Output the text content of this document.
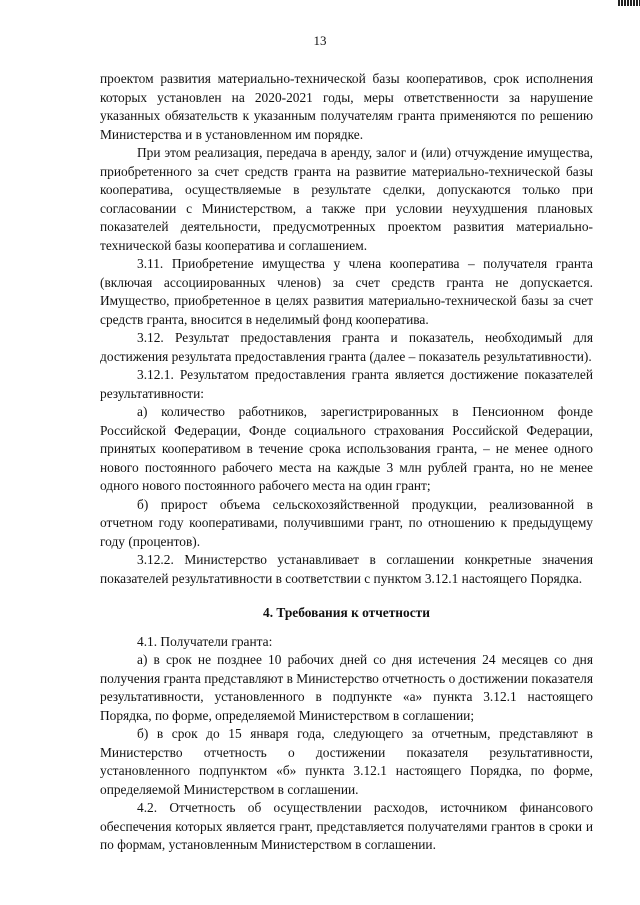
13

проектом развития материально-технической базы кооперативов, срок исполнения которых установлен на 2020-2021 годы, меры ответственности за нарушение указанных обязательств к указанным получателям гранта применяются по решению Министерства и в установленном им порядке.

При этом реализация, передача в аренду, залог и (или) отчуждение имущества, приобретенного за счет средств гранта на развитие материально-технической базы кооператива, осуществляемые в результате сделки, допускаются только при согласовании с Министерством, а также при условии неухудшения плановых показателей деятельности, предусмотренных проектом развития материально-технической базы кооператива и соглашением.

3.11. Приобретение имущества у члена кооператива – получателя гранта (включая ассоциированных членов) за счет средств гранта не допускается. Имущество, приобретенное в целях развития материально-технической базы за счет средств гранта, вносится в неделимый фонд кооператива.

3.12. Результат предоставления гранта и показатель, необходимый для достижения результата предоставления гранта (далее – показатель результативности).

3.12.1. Результатом предоставления гранта является достижение показателей результативности:

а) количество работников, зарегистрированных в Пенсионном фонде Российской Федерации, Фонде социального страхования Российской Федерации, принятых кооперативом в течение срока использования гранта, – не менее одного нового постоянного рабочего места на каждые 3 млн рублей гранта, но не менее одного нового постоянного рабочего места на один грант;

б) прирост объема сельскохозяйственной продукции, реализованной в отчетном году кооперативами, получившими грант, по отношению к предыдущему году (процентов).

3.12.2. Министерство устанавливает в соглашении конкретные значения показателей результативности в соответствии с пунктом 3.12.1 настоящего Порядка.

4. Требования к отчетности

4.1. Получатели гранта:

а) в срок не позднее 10 рабочих дней со дня истечения 24 месяцев со дня получения гранта представляют в Министерство отчетность о достижении показателя результативности, установленного в подпункте «а» пункта 3.12.1 настоящего Порядка, по форме, определяемой Министерством в соглашении;

б) в срок до 15 января года, следующего за отчетным, представляют в Министерство отчетность о достижении показателя результативности, установленного подпунктом «б» пункта 3.12.1 настоящего Порядка, по форме, определяемой Министерством в соглашении.

4.2. Отчетность об осуществлении расходов, источником финансового обеспечения которых является грант, представляется получателями грантов в сроки и по формам, установленным Министерством в соглашении.
